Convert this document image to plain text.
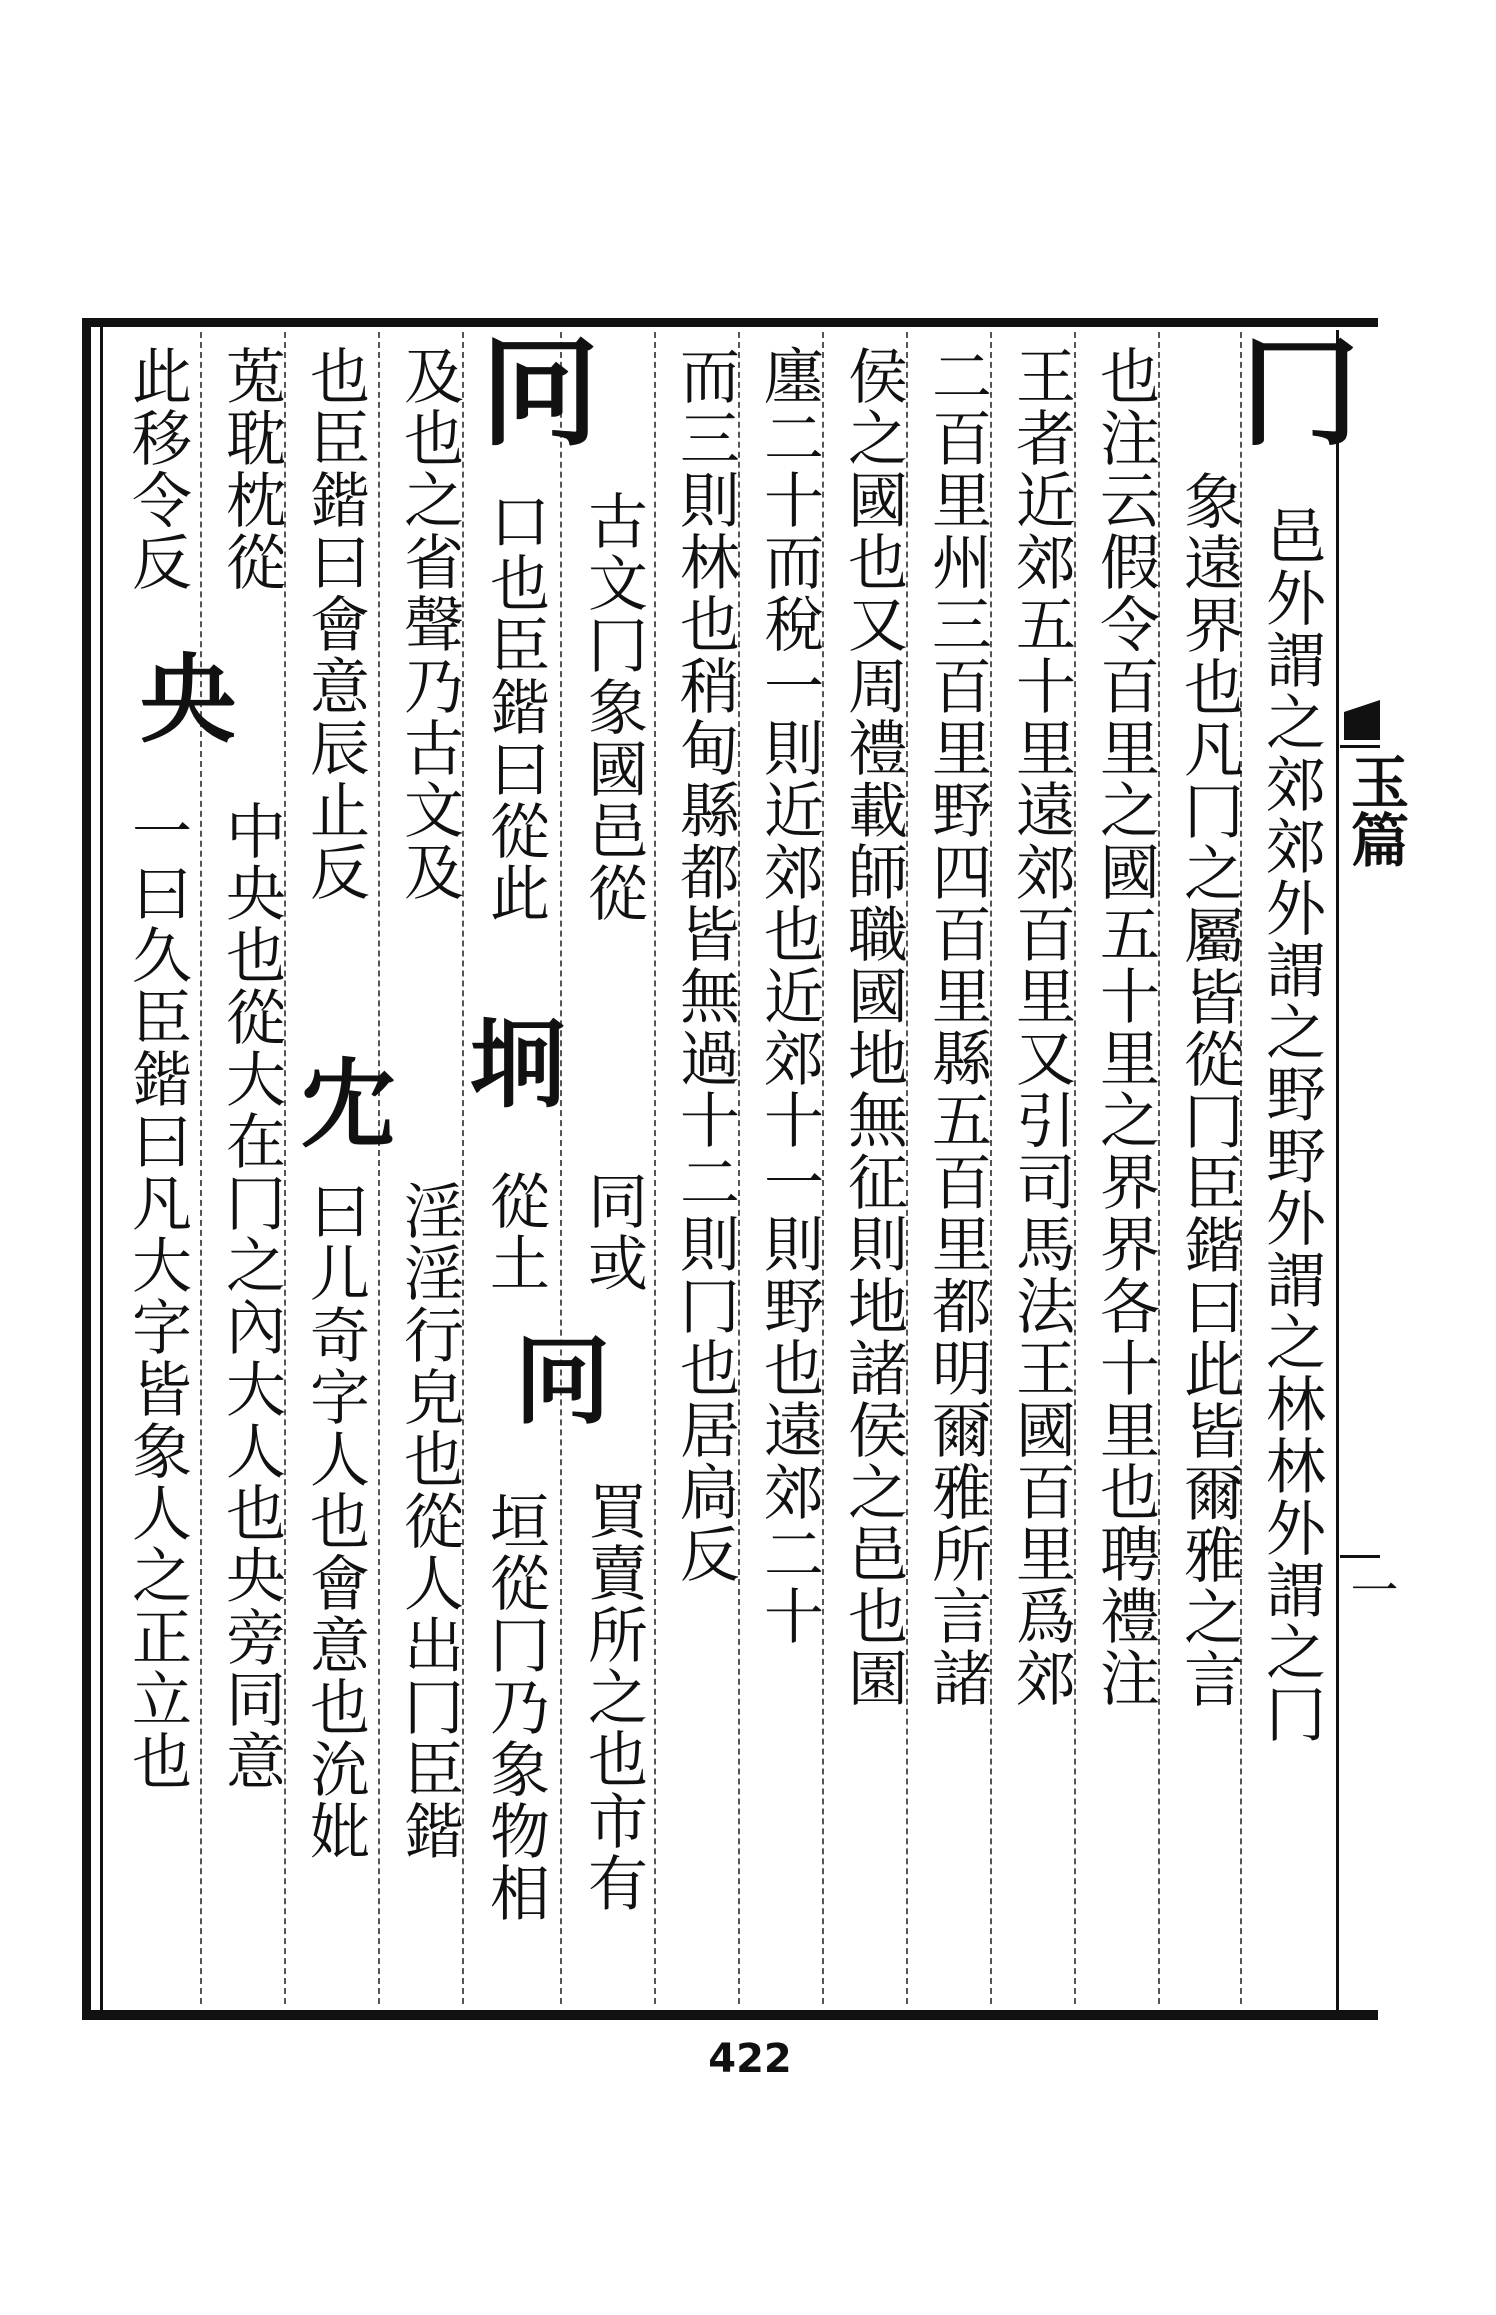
玉篇
一
冂
邑外謂之郊郊外謂之野野外謂之林林外謂之冂
象遠界也凡冂之屬皆從冂臣鍇曰此皆爾雅之言
也注云假令百里之國五十里之界界各十里也聘禮注
王者近郊五十里遠郊百里又引司馬法王國百里爲郊
二百里州三百里野四百里縣五百里都明爾雅所言諸
侯之國也又周禮載師職國地無征則地諸侯之邑也園
廛二十而稅一則近郊也近郊十一則野也遠郊二十
而三則林也稍甸縣都皆無過十二則冂也居扃反
古文冂象國邑從
坰
同或
冋
買賣所之也市有
冋
口也臣鍇曰從此
從土
垣從冂乃象物相
及也之省聲乃古文及
冘
淫淫行皃也從人出冂臣鍇
也臣鍇曰會意辰止反
曰儿奇字人也會意也沇妣
莵耽枕從
央
中央也從大在冂之內大人也央旁同意
此移令反
一曰久臣鍇曰凡大字皆象人之正立也
422
